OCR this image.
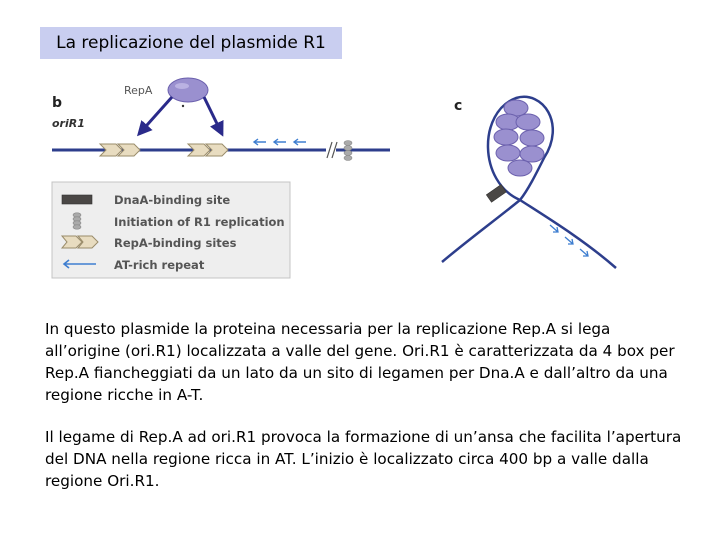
La replicazione del plasmide R1
b
oriR1
RepA
DnaA-binding site
Initiation of R1 replication
RepA-binding sites
AT-rich repeat
c

In questo plasmide la proteina necessaria per la replicazione Rep.A si lega all’origine (ori.R1) localizzata a valle del gene. Ori.R1 è caratterizzata da 4 box per Rep.A fiancheggiati da un lato da un sito di legamen per Dna.A e dall’altro da una regione ricche in A-T.

Il legame di Rep.A ad ori.R1 provoca la formazione di un’ansa che facilita l’apertura del DNA nella regione ricca in AT. L’inizio è localizzato circa 400 bp a valle dalla regione Ori.R1.
